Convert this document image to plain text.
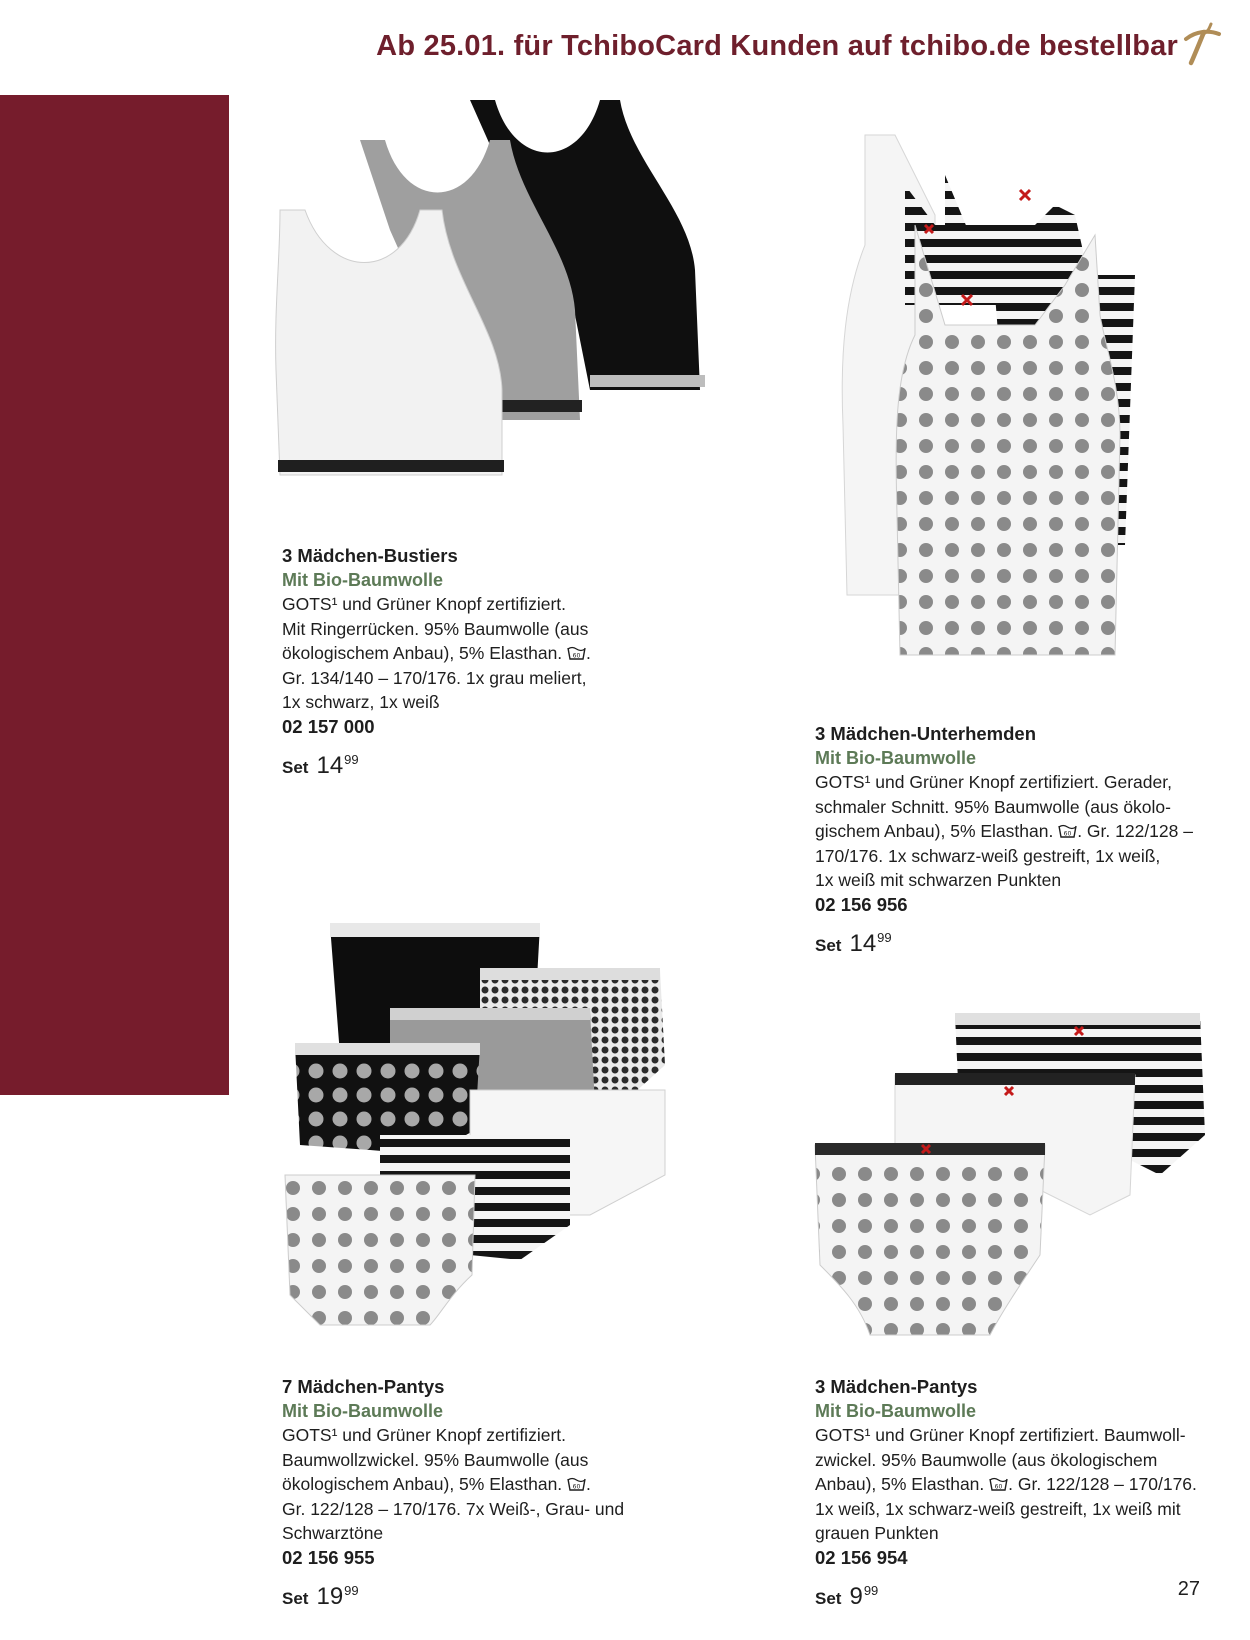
Ab 25.01. für TchiboCard Kunden auf tchibo.de bestellbar
3 Mädchen-Bustiers
Mit Bio-Baumwolle

GOTS¹ und Grüner Knopf zertifiziert.

Mit Ringerrücken. 95% Baumwolle (aus

ökologischem Anbau), 5% Elasthan. 60 .

Gr. 134/140 – 170/176. 1x grau meliert,

1x schwarz, 1x weiß

02 157 000
Set $14^{99}$
3 Mädchen-Unterhemden
Mit Bio-Baumwolle

GOTS¹ und Grüner Knopf zertifiziert. Gerader,

schmaler Schnitt. 95% Baumwolle (aus ökolo-

gischem Anbau), 5% Elasthan. 60 . Gr. 122/128 –

170/176. 1x schwarz-weiß gestreift, 1x weiß,

1x weiß mit schwarzen Punkten

02 156 956
Set $14^{99}$
7 Mädchen-Pantys
Mit Bio-Baumwolle

GOTS¹ und Grüner Knopf zertifiziert.

Baumwollzwickel. 95% Baumwolle (aus

ökologischem Anbau), 5% Elasthan. 60 .

Gr. 122/128 – 170/176. 7x Weiß-, Grau- und

Schwarztöne

02 156 955
Set $19^{99}$
3 Mädchen-Pantys
Mit Bio-Baumwolle

GOTS¹ und Grüner Knopf zertifiziert. Baumwoll-

zwickel. 95% Baumwolle (aus ökologischem

Anbau), 5% Elasthan. 60 . Gr. 122/128 – 170/176.

1x weiß, 1x schwarz-weiß gestreift, 1x weiß mit

grauen Punkten

02 156 954
Set $9^{99}$	27
